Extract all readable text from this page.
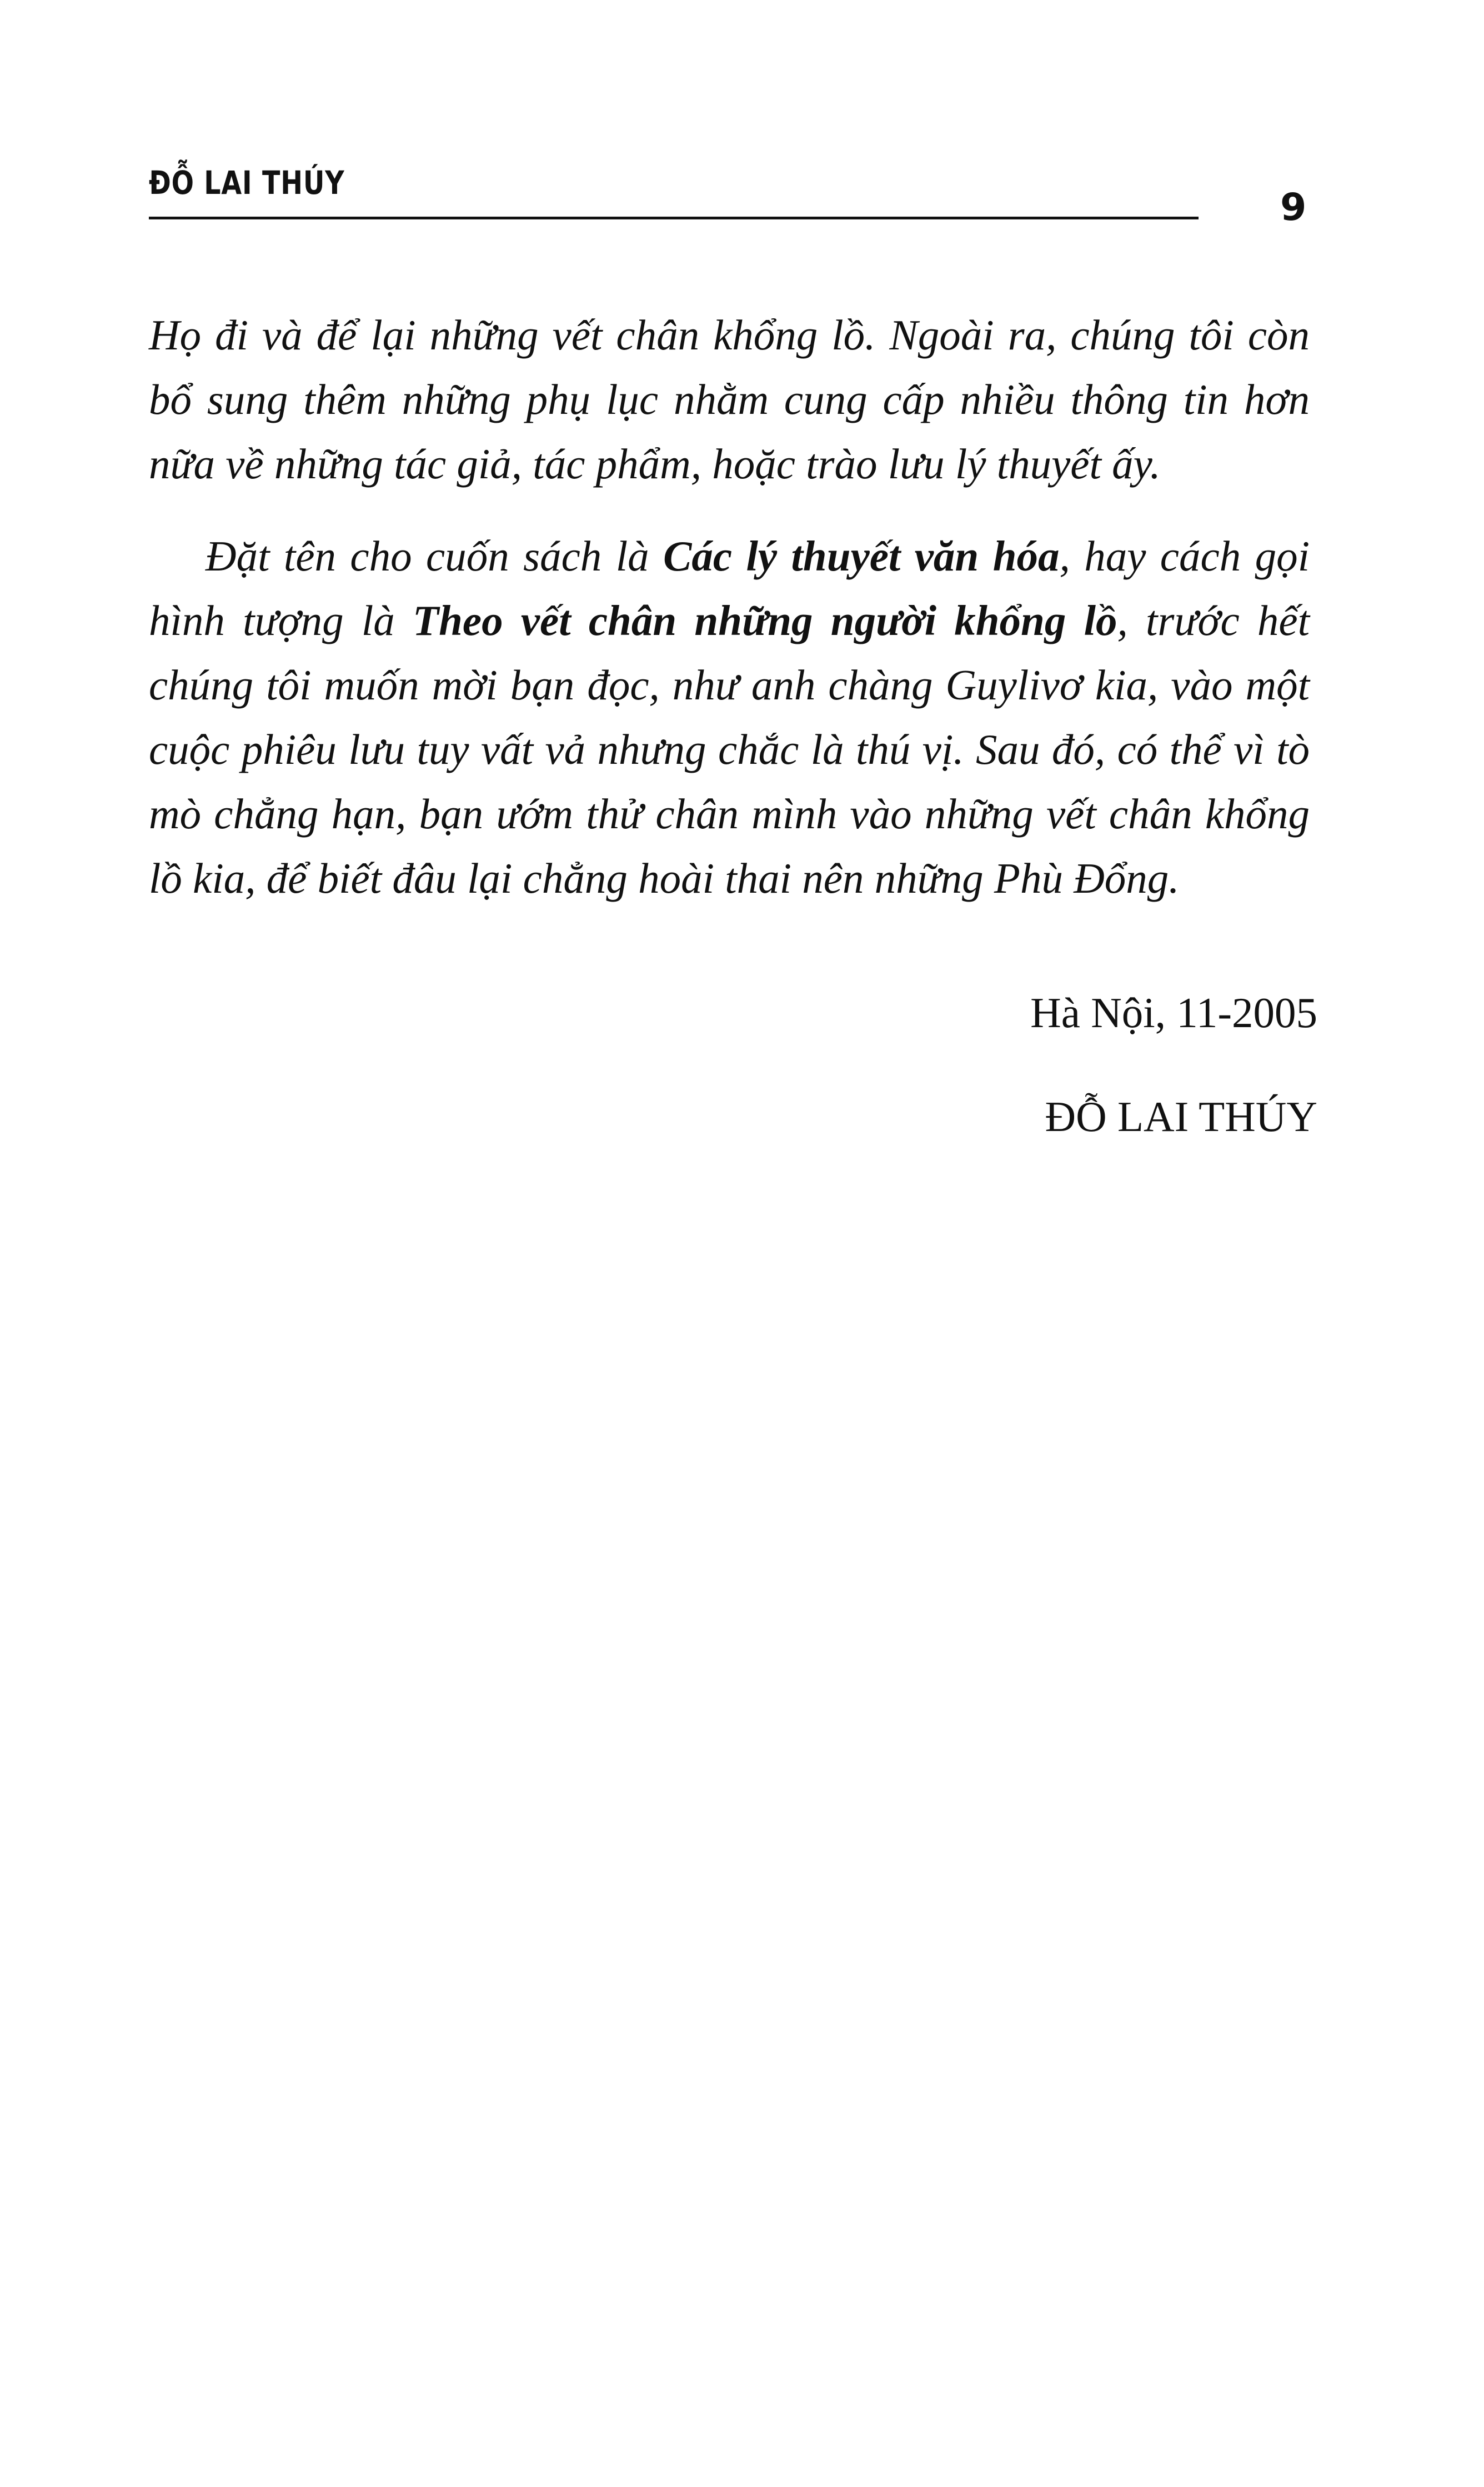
ĐỖ LAI THÚY
9

Họ đi và để lại những vết chân khổng lồ. Ngoài ra, chúng tôi còn bổ sung thêm những phụ lục nhằm cung cấp nhiều thông tin hơn nữa về những tác giả, tác phẩm, hoặc trào lưu lý thuyết ấy.

Đặt tên cho cuốn sách là Các lý thuyết văn hóa, hay cách gọi hình tượng là Theo vết chân những người khổng lồ, trước hết chúng tôi muốn mời bạn đọc, như anh chàng Guylivơ kia, vào một cuộc phiêu lưu tuy vất vả nhưng chắc là thú vị. Sau đó, có thể vì tò mò chẳng hạn, bạn ướm thử chân mình vào những vết chân khổng lồ kia, để biết đâu lại chẳng hoài thai nên những Phù Đổng.

Hà Nội, 11-2005
ĐỖ LAI THÚY
